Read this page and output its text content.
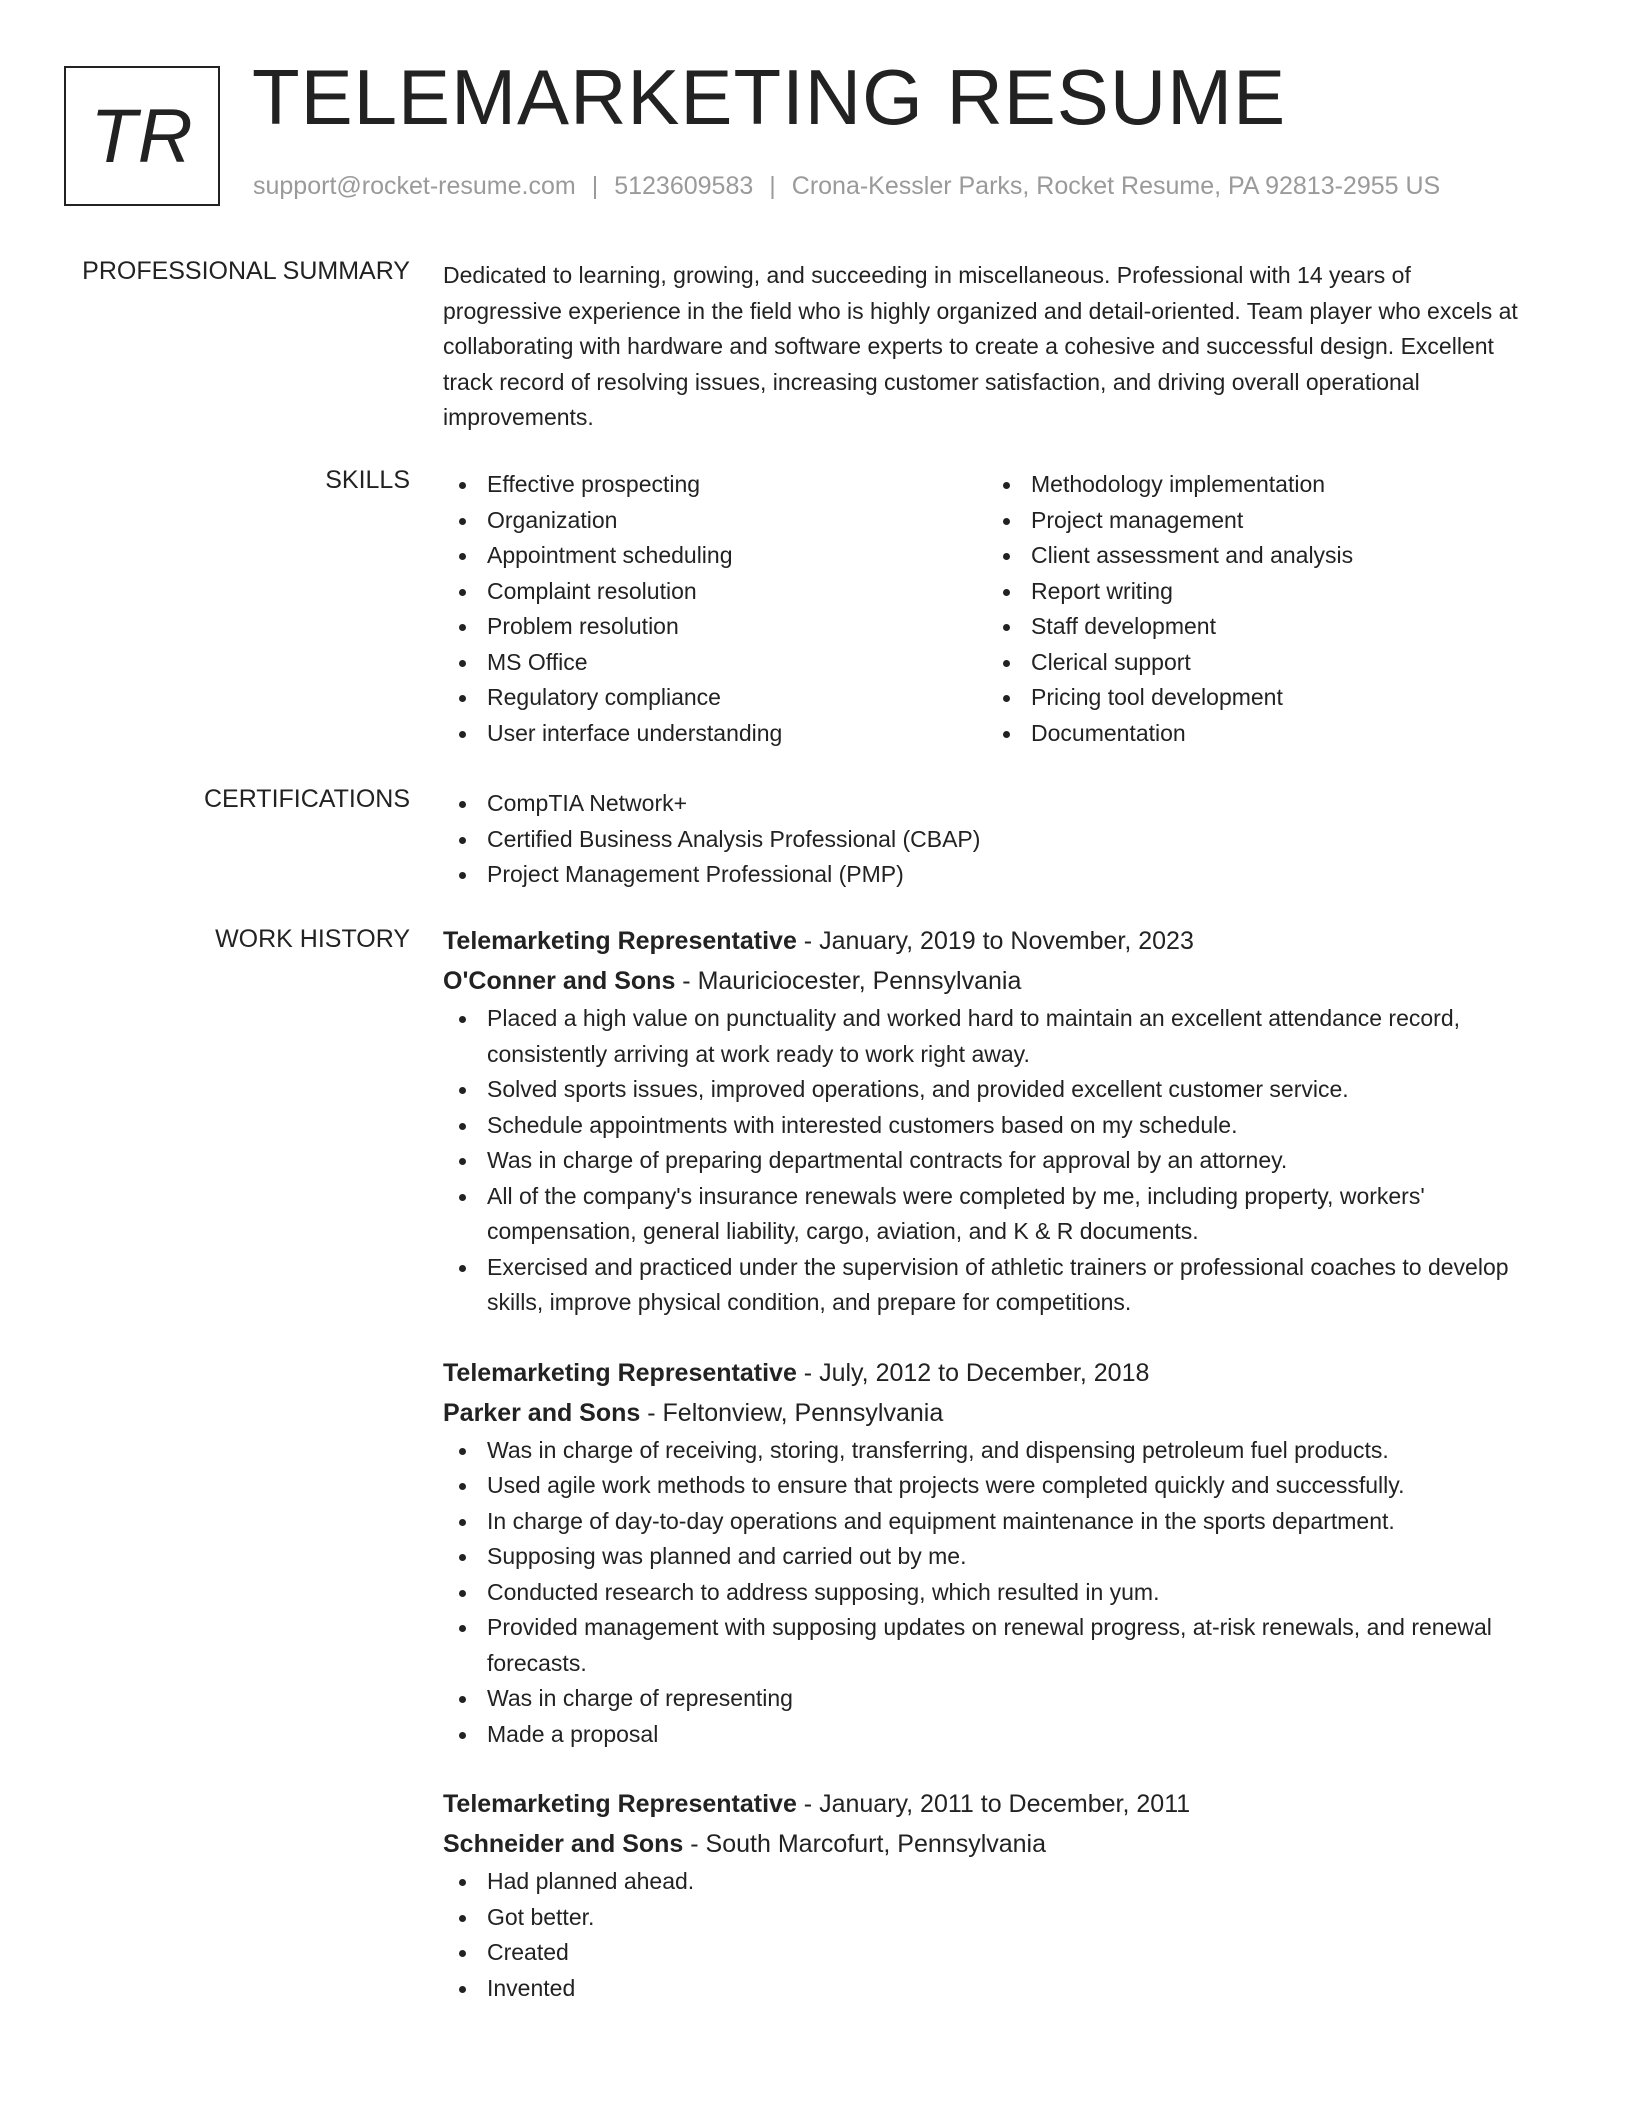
TR TELEMARKETING RESUME
support@rocket-resume.com | 5123609583 | Crona-Kessler Parks, Rocket Resume, PA 92813-2955 US
PROFESSIONAL SUMMARY Dedicated to learning, growing, and succeeding in miscellaneous. Professional with 14 years of progressive experience in the field who is highly organized and detail-oriented. Team player who excels at collaborating with hardware and software experts to create a cohesive and successful design. Excellent track record of resolving issues, increasing customer satisfaction, and driving overall operational improvements.

SKILLS	Effective prospecting
Organization
Appointment scheduling
Complaint resolution
Problem resolution
MS Office
Regulatory compliance
User interface understanding
Methodology implementation
Project management
Client assessment and analysis
Report writing
Staff development
Clerical support
Pricing tool development
Documentation
CERTIFICATIONS	CompTIA Network+
Certified Business Analysis Professional (CBAP)
Project Management Professional (PMP)
WORK HISTORY Telemarketing Representative - January, 2019 to November, 2023
O'Conner and Sons - Mauriciocester, Pennsylvania
Placed a high value on punctuality and worked hard to maintain an excellent attendance record, consistently arriving at work ready to work right away.
Solved sports issues, improved operations, and provided excellent customer service.
Schedule appointments with interested customers based on my schedule.
Was in charge of preparing departmental contracts for approval by an attorney.
All of the company's insurance renewals were completed by me, including property, workers' compensation, general liability, cargo, aviation, and K & R documents.
Exercised and practiced under the supervision of athletic trainers or professional coaches to develop skills, improve physical condition, and prepare for competitions.
Telemarketing Representative - July, 2012 to December, 2018
Parker and Sons - Feltonview, Pennsylvania
Was in charge of receiving, storing, transferring, and dispensing petroleum fuel products.
Used agile work methods to ensure that projects were completed quickly and successfully.
In charge of day-to-day operations and equipment maintenance in the sports department.
Supposing was planned and carried out by me.
Conducted research to address supposing, which resulted in yum.
Provided management with supposing updates on renewal progress, at-risk renewals, and renewal forecasts.
Was in charge of representing
Made a proposal
Telemarketing Representative - January, 2011 to December, 2011
Schneider and Sons - South Marcofurt, Pennsylvania
Had planned ahead.
Got better.
Created
Invented
